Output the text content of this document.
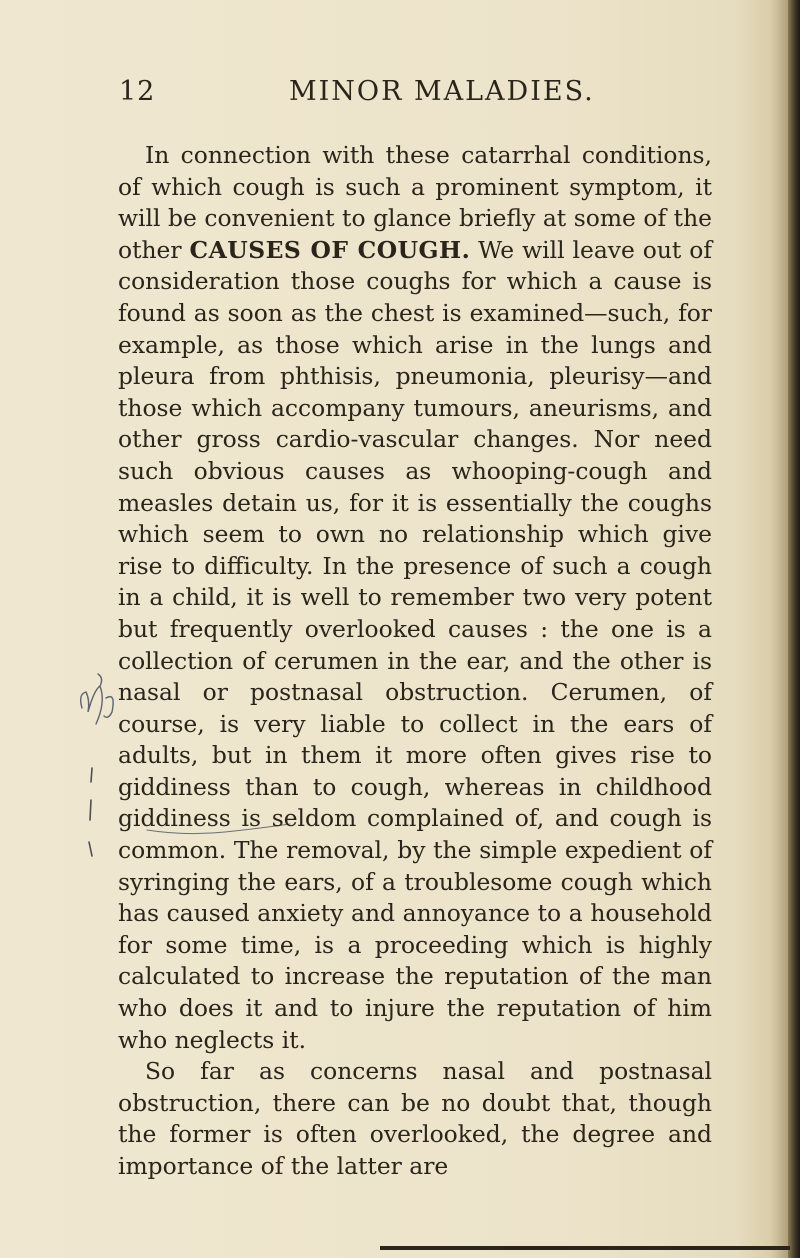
12	MINOR MALADIES.

In connection with these catarrhal conditions, of which cough is such a prominent symptom, it will be convenient to glance briefly at some of the other CAUSES OF COUGH. We will leave out of consideration those coughs for which a cause is found as soon as the chest is examined—such, for example, as those which arise in the lungs and pleura from phthisis, pneumonia, pleurisy—and those which accompany tumours, aneurisms, and other gross cardio-vascular changes. Nor need such obvious causes as whooping-cough and measles detain us, for it is essentially the coughs which seem to own no relationship which give rise to difficulty. In the presence of such a cough in a child, it is well to remember two very potent but frequently overlooked causes : the one is a collection of cerumen in the ear, and the other is nasal or postnasal obstruction. Cerumen, of course, is very liable to collect in the ears of adults, but in them it more often gives rise to giddiness than to cough, whereas in childhood giddiness is seldom complained of, and cough is common. The removal, by the simple expedient of syringing the ears, of a troublesome cough which has caused anxiety and annoyance to a household for some time, is a proceeding which is highly calculated to increase the reputation of the man who does it and to injure the reputation of him who neglects it.

So far as concerns nasal and postnasal obstruction, there can be no doubt that, though the former is often overlooked, the degree and importance of the latter are
